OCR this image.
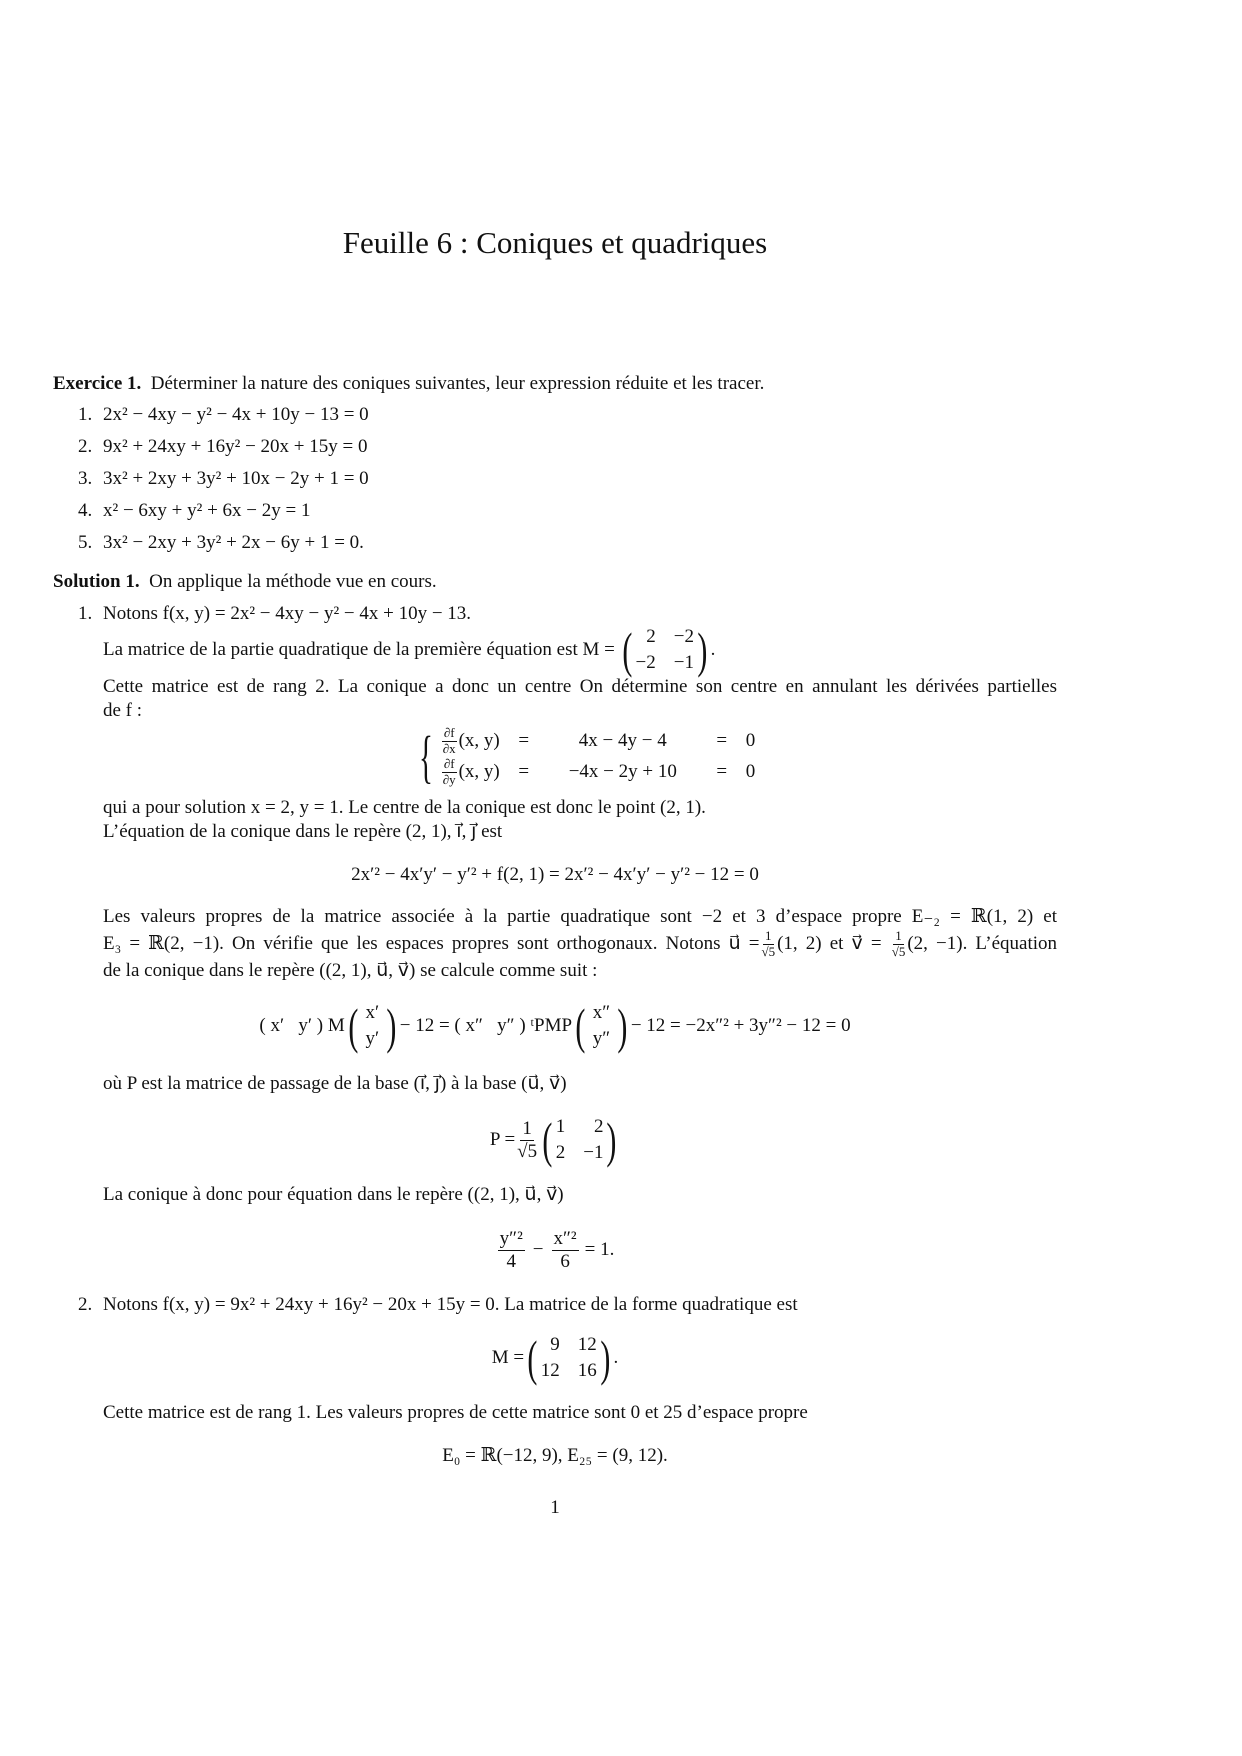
Feuille 6 : Coniques et quadriques
Exercice 1. Déterminer la nature des coniques suivantes, leur expression réduite et les tracer.
1. 2x² − 4xy − y² − 4x + 10y − 13 = 0
2. 9x² + 24xy + 16y² − 20x + 15y = 0
3. 3x² + 2xy + 3y² + 10x − 2y + 1 = 0
4. x² − 6xy + y² + 6x − 2y = 1
5. 3x² − 2xy + 3y² + 2x − 6y + 1 = 0.
Solution 1. On applique la méthode vue en cours.
1. Notons f(x, y) = 2x² − 4xy − y² − 4x + 10y − 13.
La matrice de la partie quadratique de la première équation est M = ( 2 −2
−2 −1 ) .
Cette matrice est de rang 2. La conique a donc un centre On détermine son centre en annulant les dérivées partielles
de f :
{ $\frac{\partial f}{\partial x} (x$, y) =	4x − 4y − 4	= 0
$\frac{\partial f}{\partial y} (x$, y) =	−4x − 2y + 10	= 0
qui a pour solution x = 2, y = 1. Le centre de la conique est donc le point (2, 1).
L’équation de la conique dans le repère (2, 1), i⃗, j⃗ est
2x′² − 4x′y′ − y′² + f(2, 1) = 2x′² − 4x′y′ − y′² − 12 = 0
Les valeurs propres de la matrice associée à la partie quadratique sont −2 et 3 d’espace propre E₋₂ = ℝ(1, 2) et
E₃ = ℝ(2, −1). On vérifie que les espaces propres sont orthogonaux. Notons u⃗ = $\frac{1}{√5} (1$, 2) et v⃗ = $\frac{1}{√5} (2$, −1). L’équation
de la conique dans le repère ((2, 1), u⃗, v⃗) se calcule comme suit :
( x′   y′ ) M ( x′
y′ ) − 12 = ( x″   y″ ) ᵗPMP ( x″
y″ ) − 12 = −2x″² + 3y″² − 12 = 0
où P est la matrice de passage de la base (i⃗, j⃗) à la base (u⃗, v⃗)
$P = \frac{1}{√5}$ ( 1	2
2 −1 )
La conique à donc pour équation dans le repère ((2, 1), u⃗, v⃗)
$\frac{\text{y″²}}{4} - \frac{\text{x″²}}{6} = 1$.
2. Notons f(x, y) = 9x² + 24xy + 16y² − 20x + 15y = 0. La matrice de la forme quadratique est
M = ( 9 12
12 16 ) .
Cette matrice est de rang 1. Les valeurs propres de cette matrice sont 0 et 25 d’espace propre
E₀ = ℝ(−12, 9), E₂₅ = (9, 12).
1
